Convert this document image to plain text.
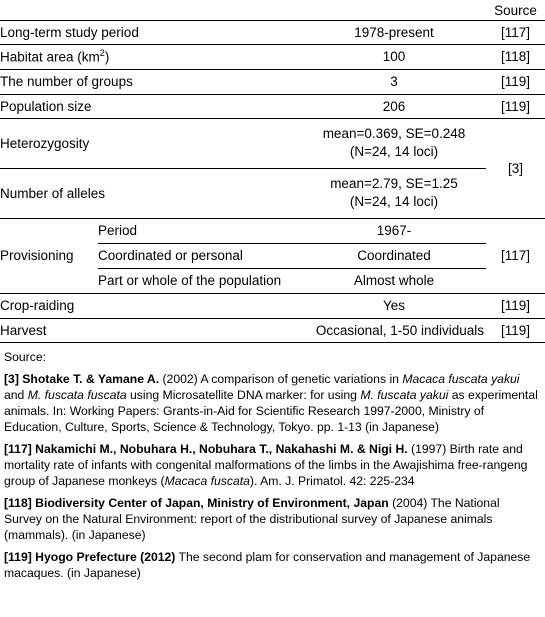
			Source
Long-term study period		1978-present	[117]
Habitat area $(km^2)$		100	[118]
The number of groups		3	[119]
Population size		206	[119]
Heterozygosity		mean=0.369, SE=0.248
(N=24, 14 loci)	[3]
Number of alleles		mean=2.79, SE=1.25
(N=24, 14 loci)	
Provisioning	Period	1967-	[117]
	Coordinated or personal	Coordinated	
	Part or whole of the population	Almost whole	
Crop-raiding		Yes	[119]
Harvest		Occasional, 1-50 individuals	[119]
Source:
[3] Shotake T. & Yamane A. (2002) A comparison of genetic variations in Macaca fuscata yakui and M. fuscata fuscata using Microsatellite DNA marker: for using M. fuscata yakui as experimental animals. In: Working Papers: Grants-in-Aid for Scientific Research 1997-2000, Ministry of Education, Culture, Sports, Science & Technology, Tokyo. pp. 1-13 (in Japanese)
[117] Nakamichi M., Nobuhara H., Nobuhara T., Nakahashi M. & Nigi H. (1997) Birth rate and mortality rate of infants with congenital malformations of the limbs in the Awajishima free-rangeng group of Japanese monkeys (Macaca fuscata). Am. J. Primatol. 42: 225-234
[118] Biodiversity Center of Japan, Ministry of Environment, Japan (2004) The National Survey on the Natural Environment: report of the distributional survey of Japanese animals (mammals). (in Japanese)
[119] Hyogo Prefecture (2012) The second plam for conservation and management of Japanese macaques. (in Japanese)
